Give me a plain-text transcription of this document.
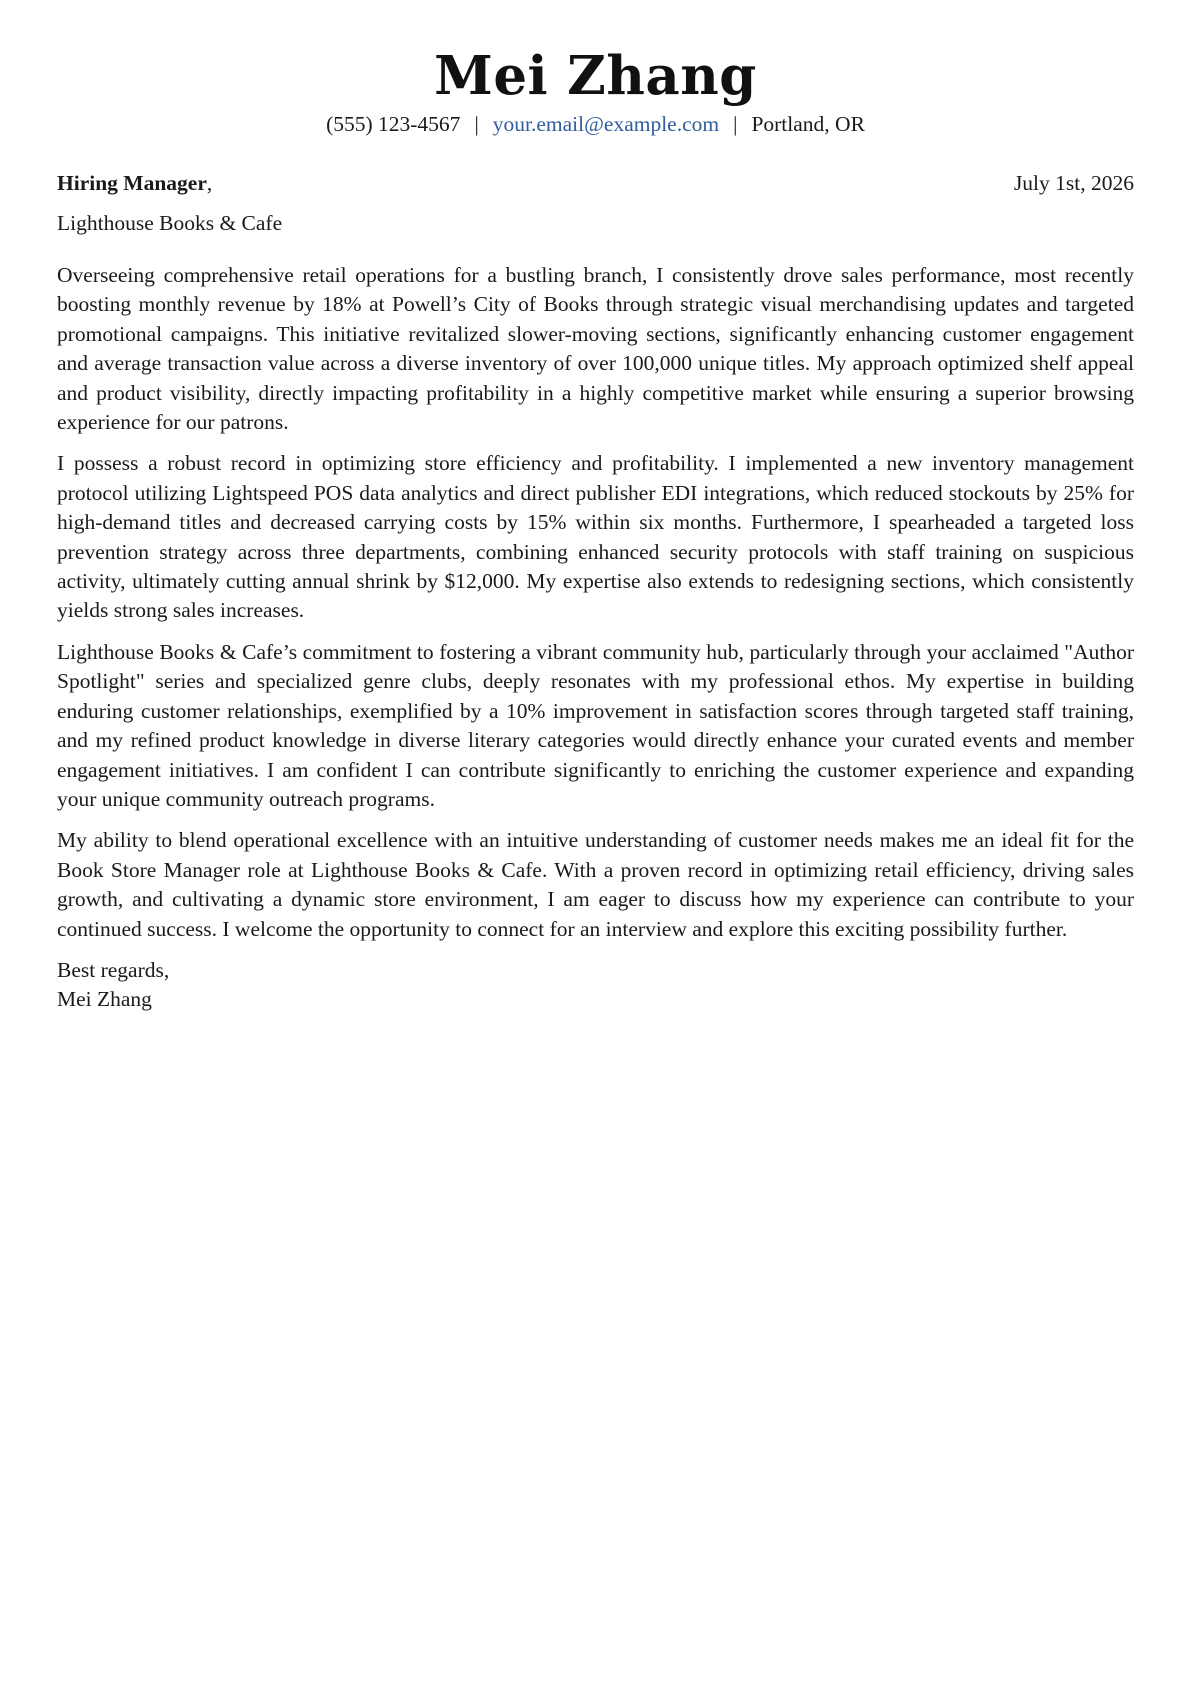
Mei Zhang
(555) 123-4567 | your.email@example.com | Portland, OR
Hiring Manager,	July 1st, 2026
Lighthouse Books & Cafe

Overseeing comprehensive retail operations for a bustling branch, I consistently drove sales performance, most recently boosting monthly revenue by 18% at Powell’s City of Books through strategic visual merchandising updates and targeted promotional campaigns. This initiative revitalized slower-moving sections, significantly enhancing customer engagement and average transaction value across a diverse inventory of over 100,000 unique titles. My approach optimized shelf appeal and product visibility, directly impacting profitability in a highly competitive market while ensuring a superior browsing experience for our patrons.

I possess a robust record in optimizing store efficiency and profitability. I implemented a new inventory management protocol utilizing Lightspeed POS data analytics and direct publisher EDI integrations, which reduced stockouts by 25% for high-demand titles and decreased carrying costs by 15% within six months. Furthermore, I spearheaded a targeted loss prevention strategy across three departments, combining enhanced security protocols with staff training on suspicious activity, ultimately cutting annual shrink by $12,000. My expertise also extends to redesigning sections, which consistently yields strong sales increases.

Lighthouse Books & Cafe’s commitment to fostering a vibrant community hub, particularly through your acclaimed "Author Spotlight" series and specialized genre clubs, deeply resonates with my professional ethos. My expertise in building enduring customer relationships, exemplified by a 10% improvement in satisfaction scores through targeted staff training, and my refined product knowledge in diverse literary categories would directly enhance your curated events and member engagement initiatives. I am confident I can contribute significantly to enriching the customer experience and expanding your unique community outreach programs.

My ability to blend operational excellence with an intuitive understanding of customer needs makes me an ideal fit for the Book Store Manager role at Lighthouse Books & Cafe. With a proven record in optimizing retail efficiency, driving sales growth, and cultivating a dynamic store environment, I am eager to discuss how my experience can contribute to your continued success. I welcome the opportunity to connect for an interview and explore this exciting possibility further.

Best regards,
Mei Zhang
